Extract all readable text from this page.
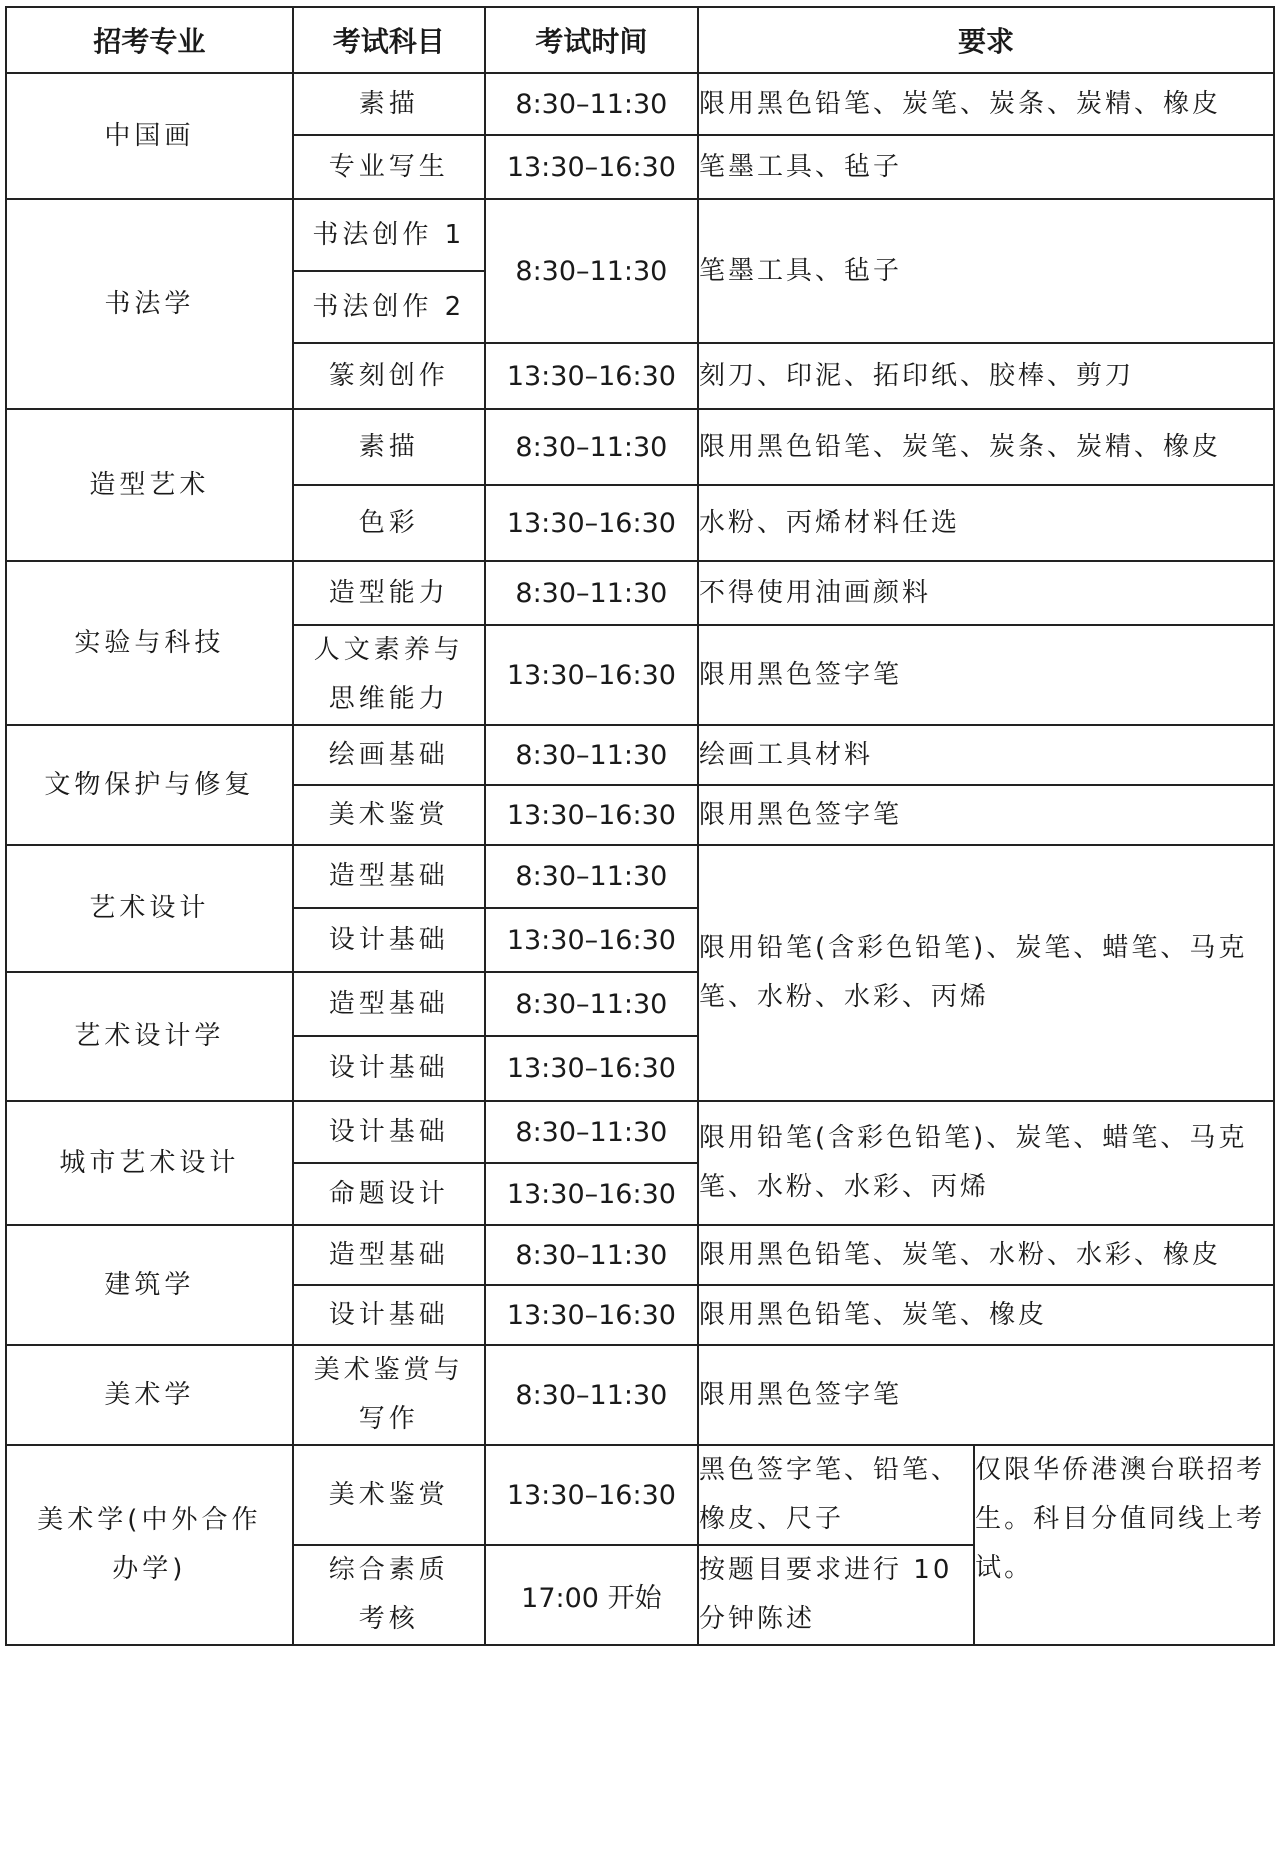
招考专业	考试科目	考试时间	要求	
中国画	素描	8:30–11:30	限用黑色铅笔、炭笔、炭条、炭精、橡皮	
	专业写生	13:30–16:30	笔墨工具、毡子	
书法学	书法创作 1	8:30–11:30	笔墨工具、毡子	
	书法创作 2			
	篆刻创作	13:30–16:30	刻刀、印泥、拓印纸、胶棒、剪刀	
造型艺术	素描	8:30–11:30	限用黑色铅笔、炭笔、炭条、炭精、橡皮	
	色彩	13:30–16:30	水粉、丙烯材料任选	
实验与科技	造型能力	8:30–11:30	不得使用油画颜料	
	人文素养与思维能力	13:30–16:30	限用黑色签字笔	
文物保护与修复	绘画基础	8:30–11:30	绘画工具材料	
	美术鉴赏	13:30–16:30	限用黑色签字笔	
艺术设计	造型基础	8:30–11:30	限用铅笔(含彩色铅笔)、炭笔、蜡笔、马克笔、水粉、水彩、丙烯	
	设计基础	13:30–16:30		
艺术设计学	造型基础	8:30–11:30		
	设计基础	13:30–16:30		
城市艺术设计	设计基础	8:30–11:30	限用铅笔(含彩色铅笔)、炭笔、蜡笔、马克笔、水粉、水彩、丙烯	
	命题设计	13:30–16:30		
建筑学	造型基础	8:30–11:30	限用黑色铅笔、炭笔、水粉、水彩、橡皮	
	设计基础	13:30–16:30	限用黑色铅笔、炭笔、橡皮	
美术学	美术鉴赏与写作	8:30–11:30	限用黑色签字笔	
美术学(中外合作办学)	美术鉴赏	13:30–16:30	黑色签字笔、铅笔、橡皮、尺子	仅限华侨港澳台联招考生。科目分值同线上考试。
	综合素质考核	17:00 开始	按题目要求进行 10 分钟陈述	
